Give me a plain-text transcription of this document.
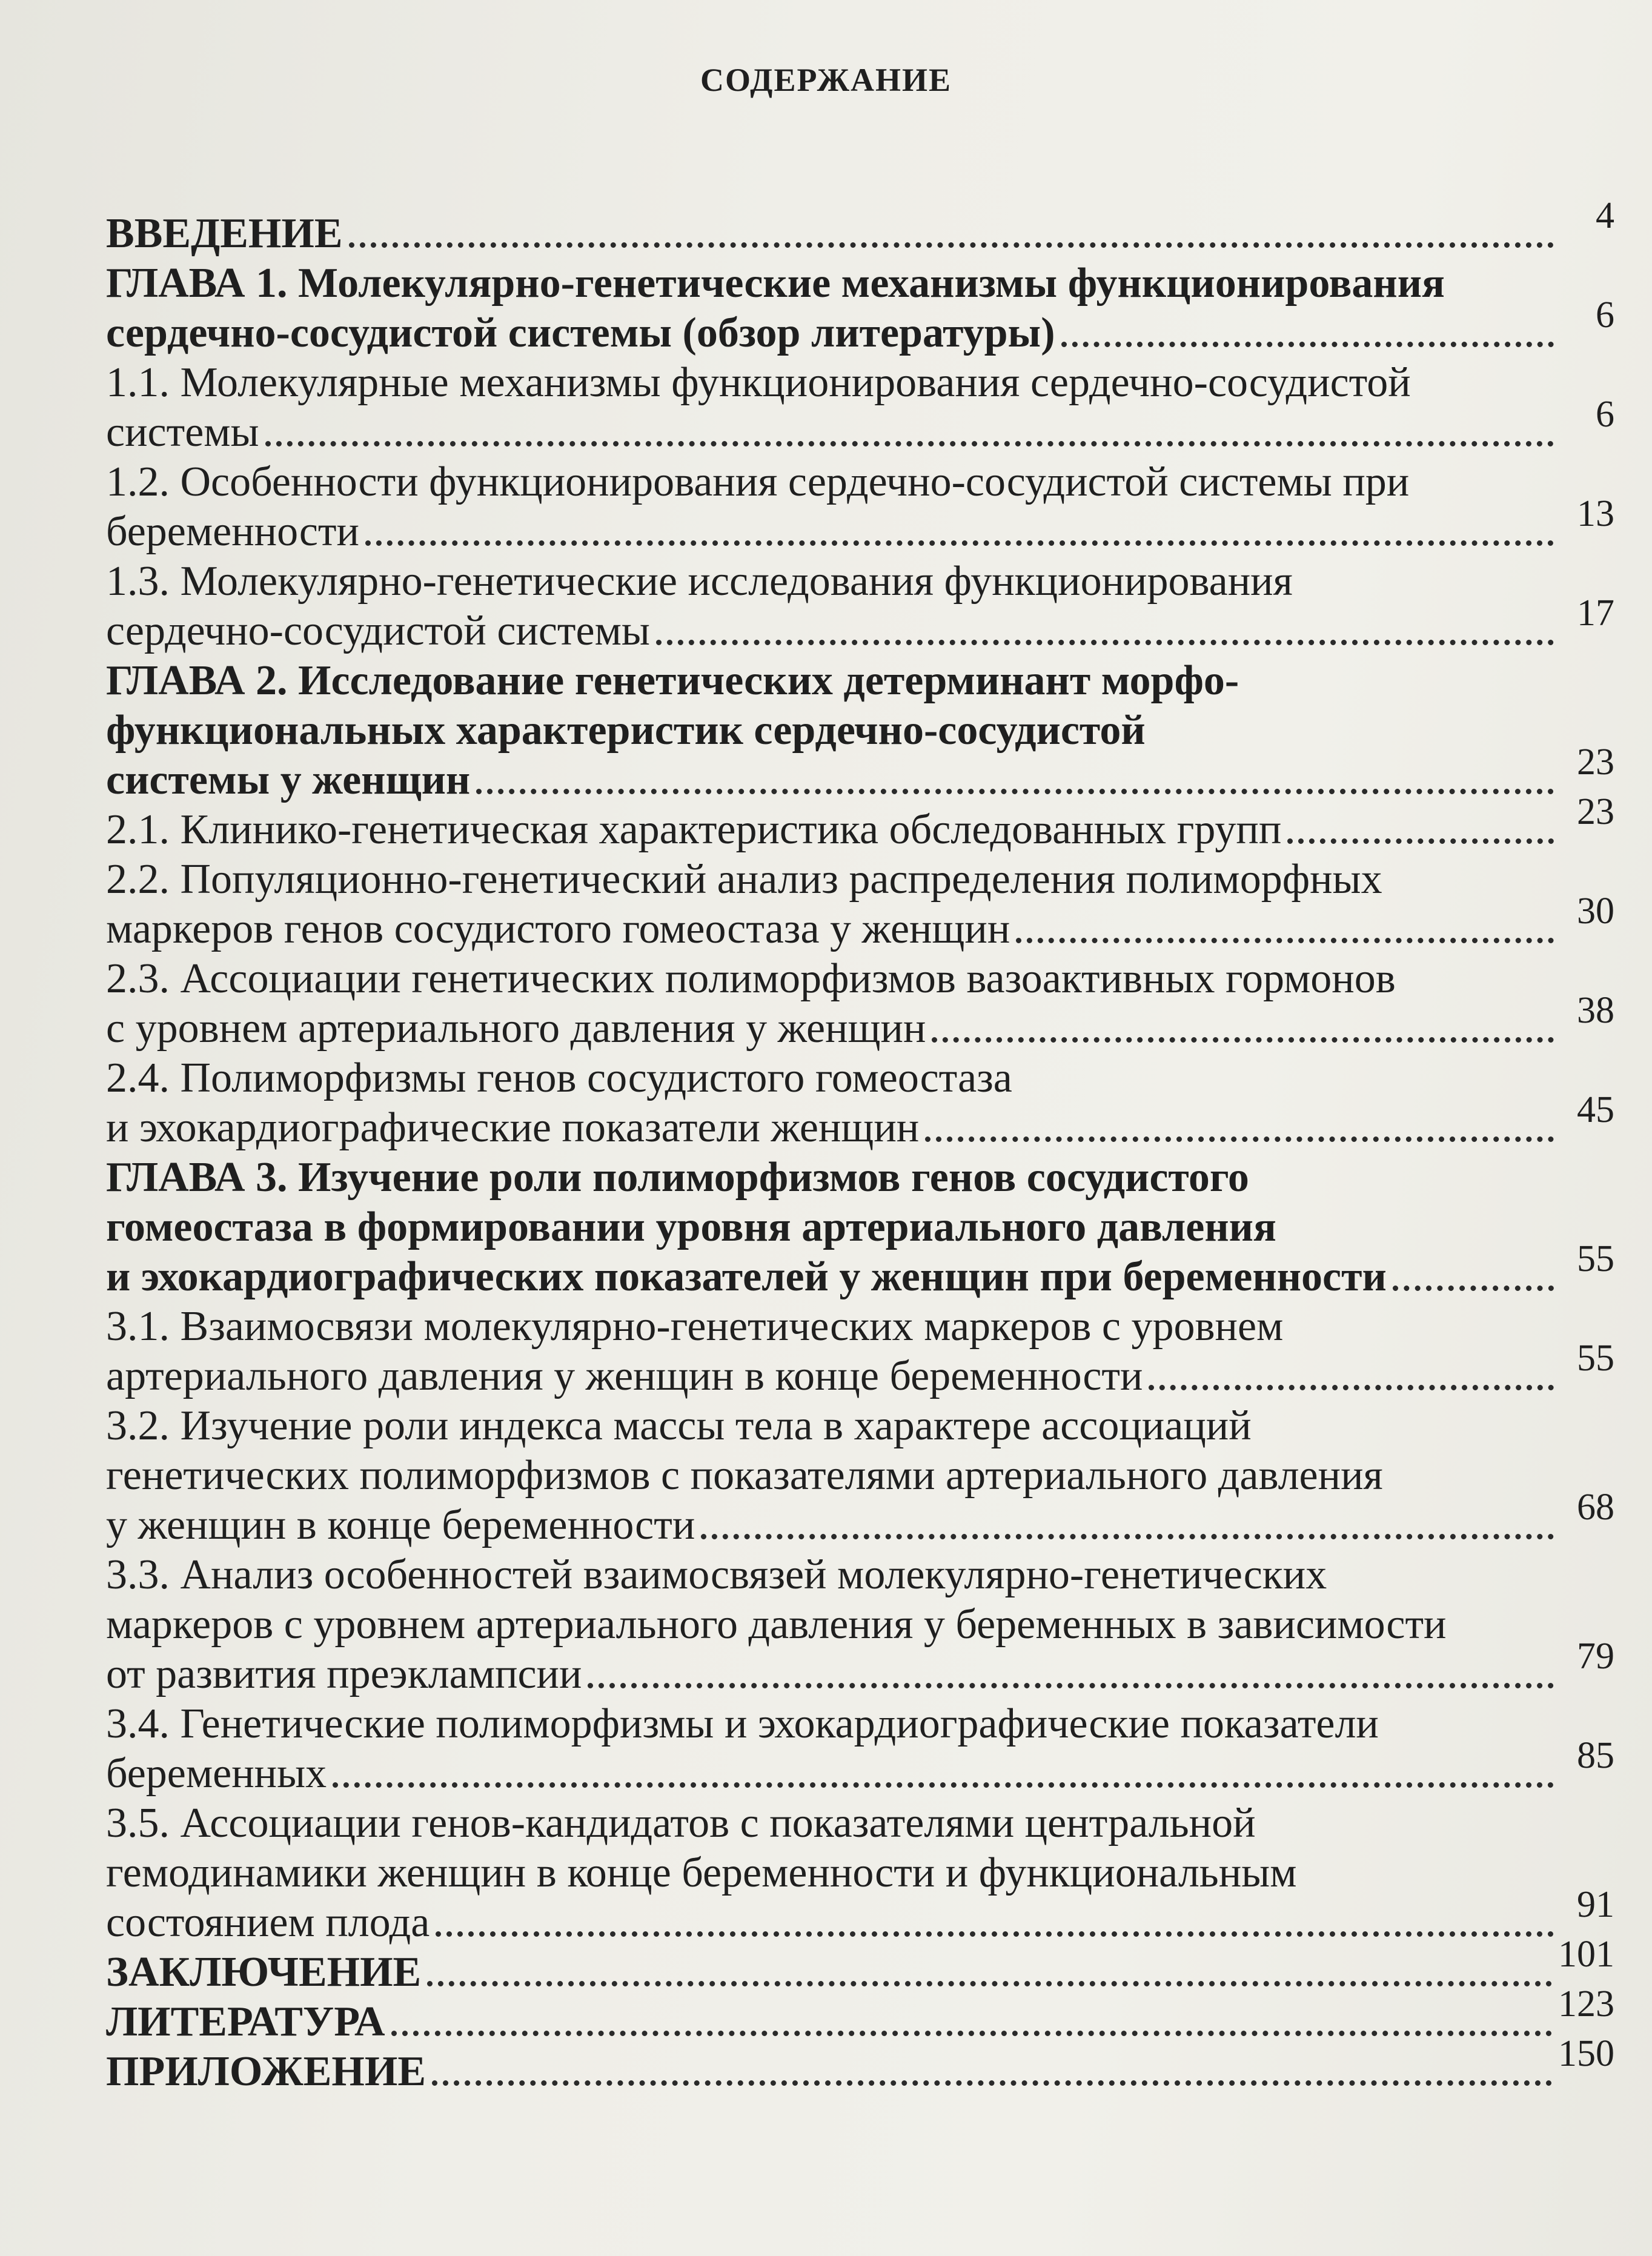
СОДЕРЖАНИЕ
ВВЕДЕНИЕ	4
ГЛАВА 1. Молекулярно-генетические механизмы функционирования
сердечно-сосудистой системы (обзор литературы)	6
1.1. Молекулярные механизмы функционирования сердечно-сосудистой
системы	6
1.2. Особенности функционирования сердечно-сосудистой системы при
беременности	13
1.3. Молекулярно-генетические исследования функционирования
сердечно-сосудистой системы	17
ГЛАВА 2. Исследование генетических детерминант морфо-
функциональных характеристик сердечно-сосудистой
системы у женщин	23
2.1. Клинико-генетическая характеристика обследованных групп	23
2.2. Популяционно-генетический анализ распределения полиморфных
маркеров генов сосудистого гомеостаза у женщин	30
2.3. Ассоциации генетических полиморфизмов вазоактивных гормонов
с уровнем артериального давления у женщин	38
2.4. Полиморфизмы генов сосудистого гомеостаза
и эхокардиографические показатели женщин	45
ГЛАВА 3. Изучение роли полиморфизмов генов сосудистого
гомеостаза в формировании уровня артериального давления
и эхокардиографических показателей у женщин при беременности	55
3.1. Взаимосвязи молекулярно-генетических маркеров с уровнем
артериального давления у женщин в конце беременности	55
3.2. Изучение роли индекса массы тела в характере ассоциаций
генетических полиморфизмов с показателями артериального давления
у женщин в конце беременности	68
3.3. Анализ особенностей взаимосвязей молекулярно-генетических
маркеров с уровнем артериального давления у беременных в зависимости
от развития преэклампсии	79
3.4. Генетические полиморфизмы и эхокардиографические показатели
беременных	85
3.5. Ассоциации генов-кандидатов с показателями центральной
гемодинамики женщин в конце беременности и функциональным
состоянием плода	91
ЗАКЛЮЧЕНИЕ	101
ЛИТЕРАТУРА	123
ПРИЛОЖЕНИЕ	150
